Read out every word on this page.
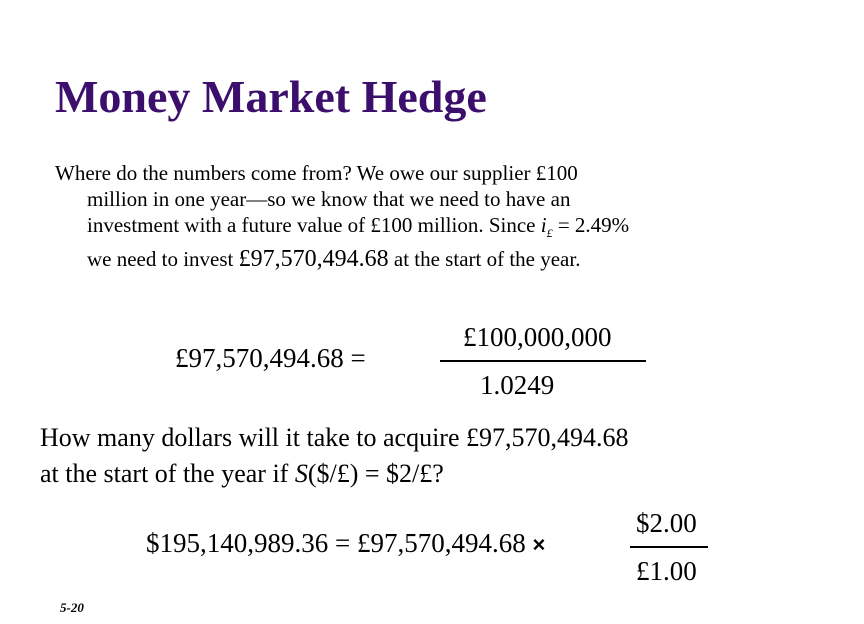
Money Market Hedge
Where do the numbers come from? We owe our supplier £100
million in one year—so we know that we need to have an
investment with a future value of £100 million. Since $i_£ = 2.49\%$
we need to invest £97,570,494.68 at the start of the year.
£97,570,494.68 =
£100,000,000
1.0249
How many dollars will it take to acquire £97,570,494.68
at the start of the year if S($/£) = $2/£?
$195,140,989.36 = £97,570,494.68 ×
$2.00
£1.00
5-20
